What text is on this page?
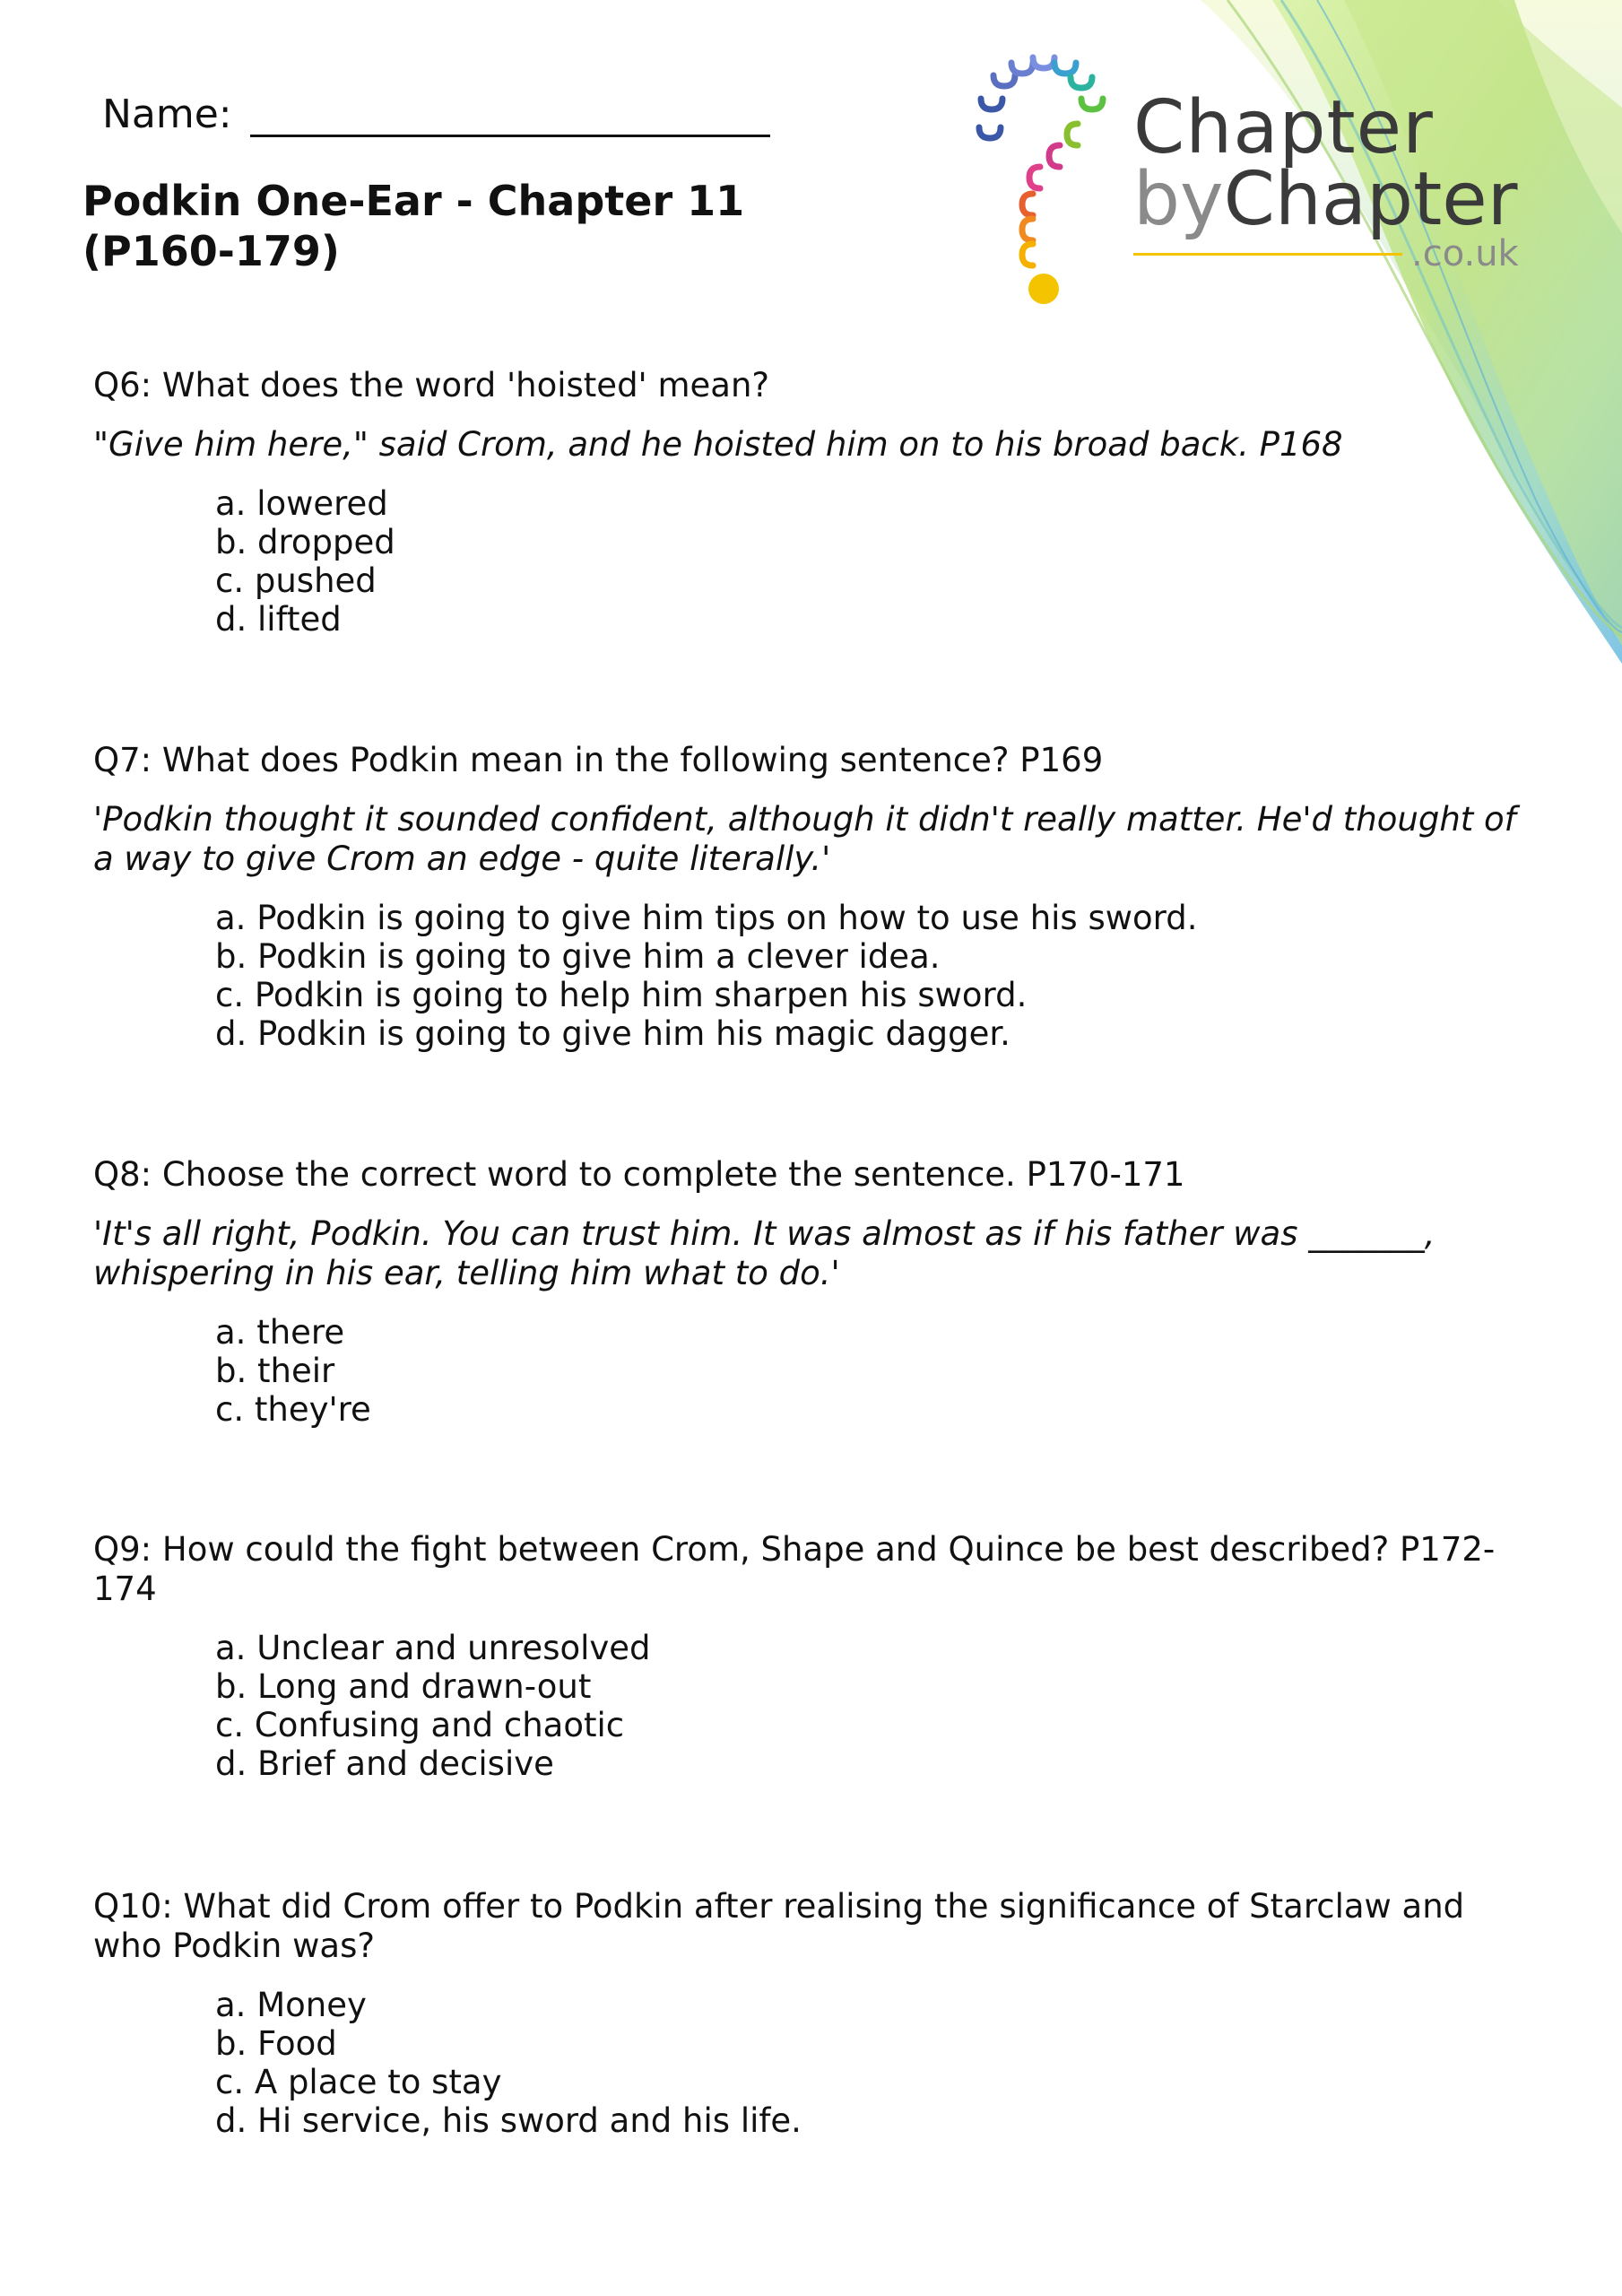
Name:
Podkin One-Ear - Chapter 11 (P160-179)
Chapter
byChapter
.co.uk

Q6: What does the word 'hoisted' mean?

"Give him here," said Crom, and he hoisted him on to his broad back. P168

a. lowered
b. dropped
c. pushed
d. lifted

Q7: What does Podkin mean in the following sentence? P169

'Podkin thought it sounded confident, although it didn't really matter. He'd thought of a way to give Crom an edge - quite literally.'

a. Podkin is going to give him tips on how to use his sword.
b. Podkin is going to give him a clever idea.
c. Podkin is going to help him sharpen his sword.
d. Podkin is going to give him his magic dagger.

Q8: Choose the correct word to complete the sentence. P170-171

'It's all right, Podkin. You can trust him. It was almost as if his father was _______, whispering in his ear, telling him what to do.'

a. there
b. their
c. they're

Q9: How could the fight between Crom, Shape and Quince be best described? P172-174

a. Unclear and unresolved
b. Long and drawn-out
c. Confusing and chaotic
d. Brief and decisive

Q10: What did Crom offer to Podkin after realising the significance of Starclaw and who Podkin was?

a. Money
b. Food
c. A place to stay
d. Hi service, his sword and his life.
